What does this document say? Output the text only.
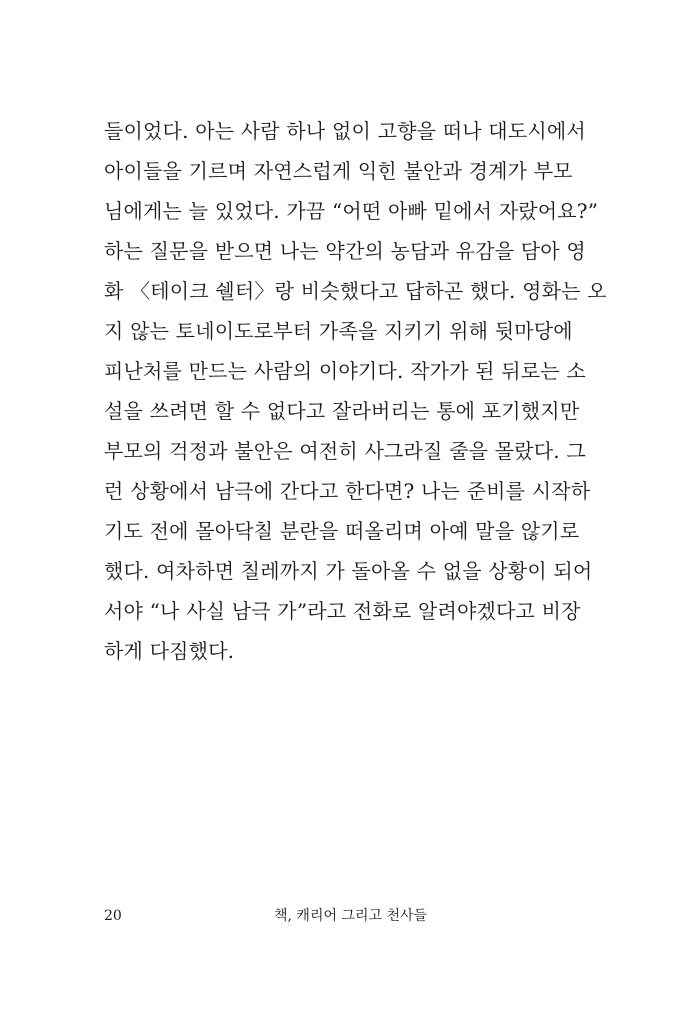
들이었다. 아는 사람 하나 없이 고향을 떠나 대도시에서
아이들을 기르며 자연스럽게 익힌 불안과 경계가 부모
님에게는 늘 있었다. 가끔 “어떤 아빠 밑에서 자랐어요?”
하는 질문을 받으면 나는 약간의 농담과 유감을 담아 영
화 〈테이크 쉘터〉랑 비슷했다고 답하곤 했다. 영화는 오
지 않는 토네이도로부터 가족을 지키기 위해 뒷마당에
피난처를 만드는 사람의 이야기다. 작가가 된 뒤로는 소
설을 쓰려면 할 수 없다고 잘라버리는 통에 포기했지만
부모의 걱정과 불안은 여전히 사그라질 줄을 몰랐다. 그
런 상황에서 남극에 간다고 한다면? 나는 준비를 시작하
기도 전에 몰아닥칠 분란을 떠올리며 아예 말을 않기로
했다. 여차하면 칠레까지 가 돌아올 수 없을 상황이 되어
서야 “나 사실 남극 가”라고 전화로 알려야겠다고 비장
하게 다짐했다.
20	책, 캐리어 그리고 천사들
